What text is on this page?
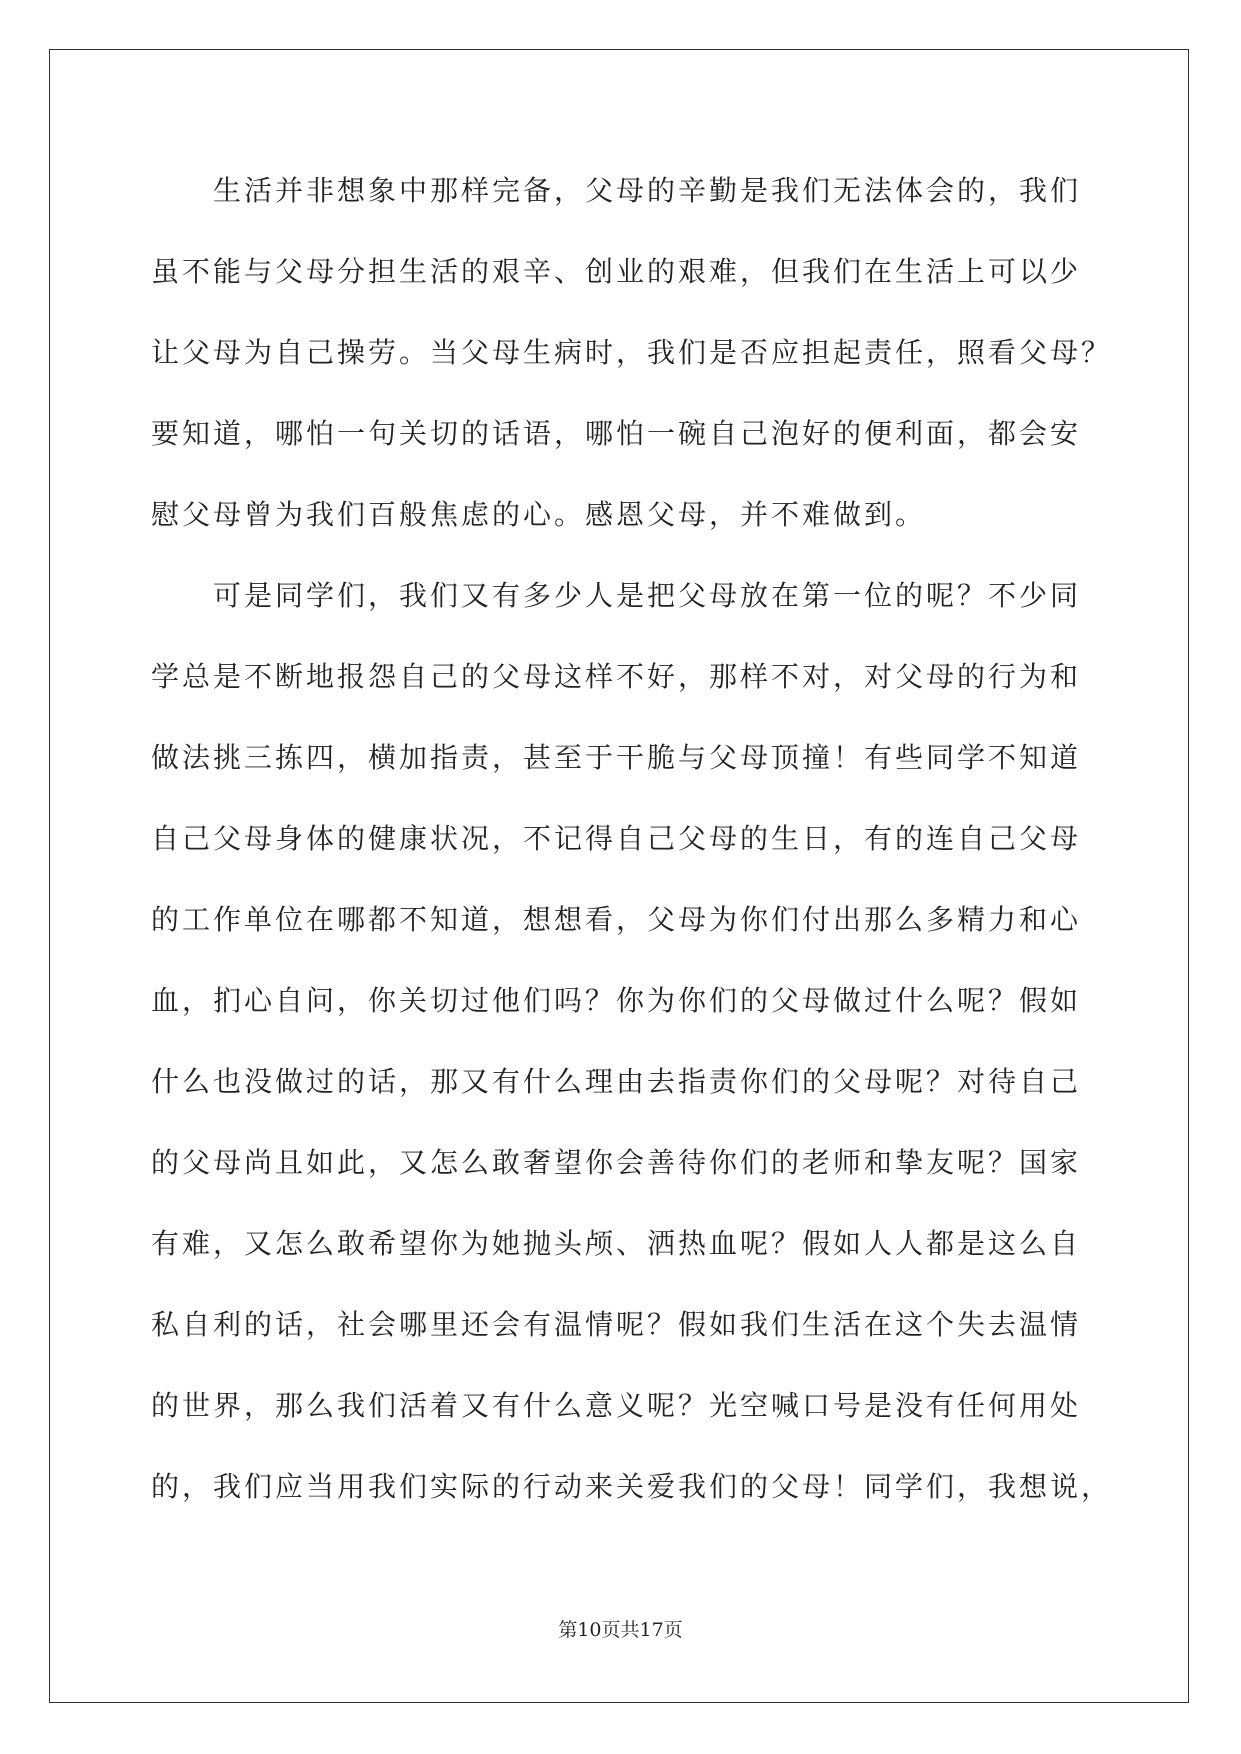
生活并非想象中那样完备，父母的辛勤是我们无法体会的，我们
虽不能与父母分担生活的艰辛、创业的艰难，但我们在生活上可以少
让父母为自己操劳。当父母生病时，我们是否应担起责任，照看父母？
要知道，哪怕一句关切的话语，哪怕一碗自己泡好的便利面，都会安
慰父母曾为我们百般焦虑的心。感恩父母，并不难做到。
可是同学们，我们又有多少人是把父母放在第一位的呢？不少同
学总是不断地报怨自己的父母这样不好，那样不对，对父母的行为和
做法挑三拣四，横加指责，甚至于干脆与父母顶撞！有些同学不知道
自己父母身体的健康状况，不记得自己父母的生日，有的连自己父母
的工作单位在哪都不知道，想想看，父母为你们付出那么多精力和心
血，扪心自问，你关切过他们吗？你为你们的父母做过什么呢？假如
什么也没做过的话，那又有什么理由去指责你们的父母呢？对待自己
的父母尚且如此，又怎么敢奢望你会善待你们的老师和挚友呢？国家
有难，又怎么敢希望你为她抛头颅、洒热血呢？假如人人都是这么自
私自利的话，社会哪里还会有温情呢？假如我们生活在这个失去温情
的世界，那么我们活着又有什么意义呢？光空喊口号是没有任何用处
的，我们应当用我们实际的行动来关爱我们的父母！同学们，我想说，
第10页共17页
